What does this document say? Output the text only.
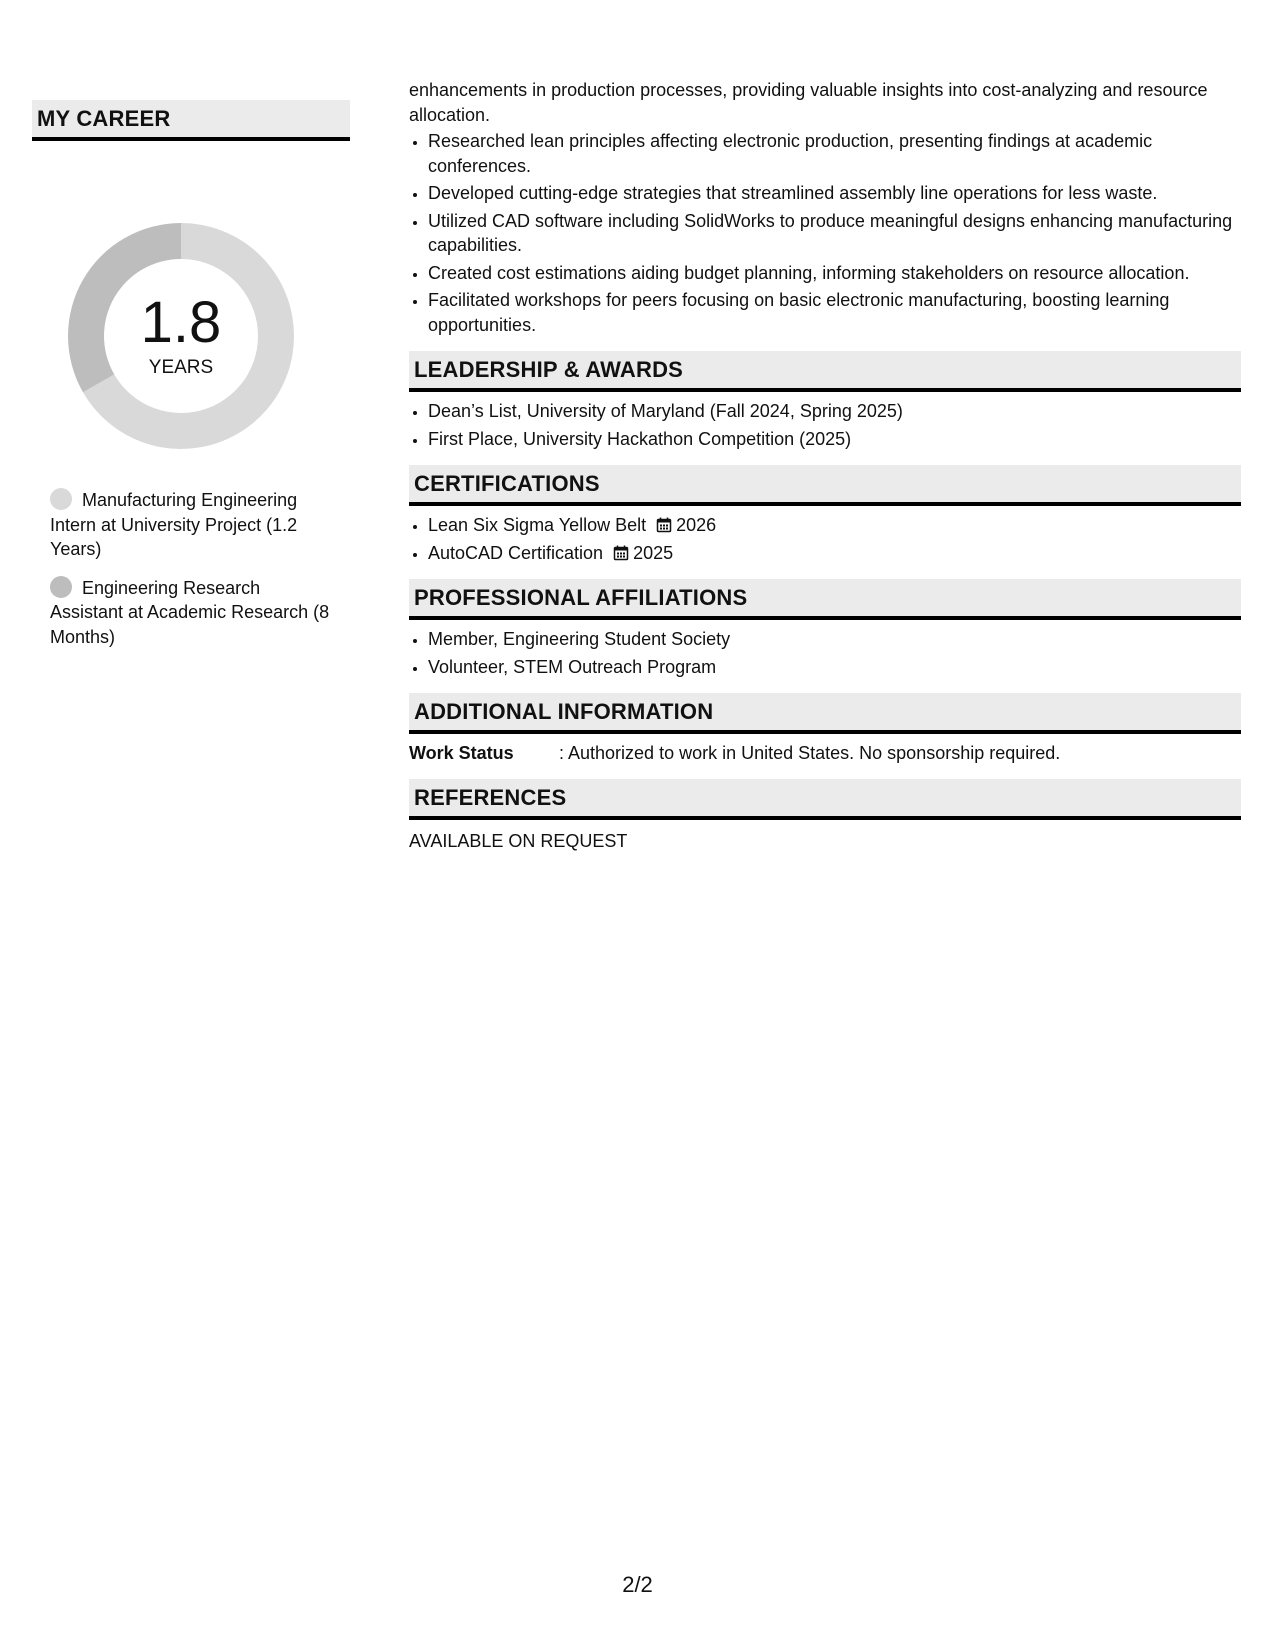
MY CAREER
1.8
YEARS
Manufacturing Engineering Intern at University Project (1.2 Years)
Engineering Research Assistant at Academic Research (8 Months)

enhancements in production processes, providing valuable insights into cost-analyzing and resource allocation.

• Researched lean principles affecting electronic production, presenting findings at academic conferences.
• Developed cutting-edge strategies that streamlined assembly line operations for less waste.
• Utilized CAD software including SolidWorks to produce meaningful designs enhancing manufacturing capabilities.
• Created cost estimations aiding budget planning, informing stakeholders on resource allocation.
• Facilitated workshops for peers focusing on basic electronic manufacturing, boosting learning opportunities.
LEADERSHIP & AWARDS
• Dean’s List, University of Maryland (Fall 2024, Spring 2025)
• First Place, University Hackathon Competition (2025)
CERTIFICATIONS
• Lean Six Sigma Yellow Belt 2026
• AutoCAD Certification 2025
PROFESSIONAL AFFILIATIONS
• Member, Engineering Student Society
• Volunteer, STEM Outreach Program
ADDITIONAL INFORMATION
Work Status	: Authorized to work in United States. No sponsorship required.
REFERENCES
AVAILABLE ON REQUEST
2/2
